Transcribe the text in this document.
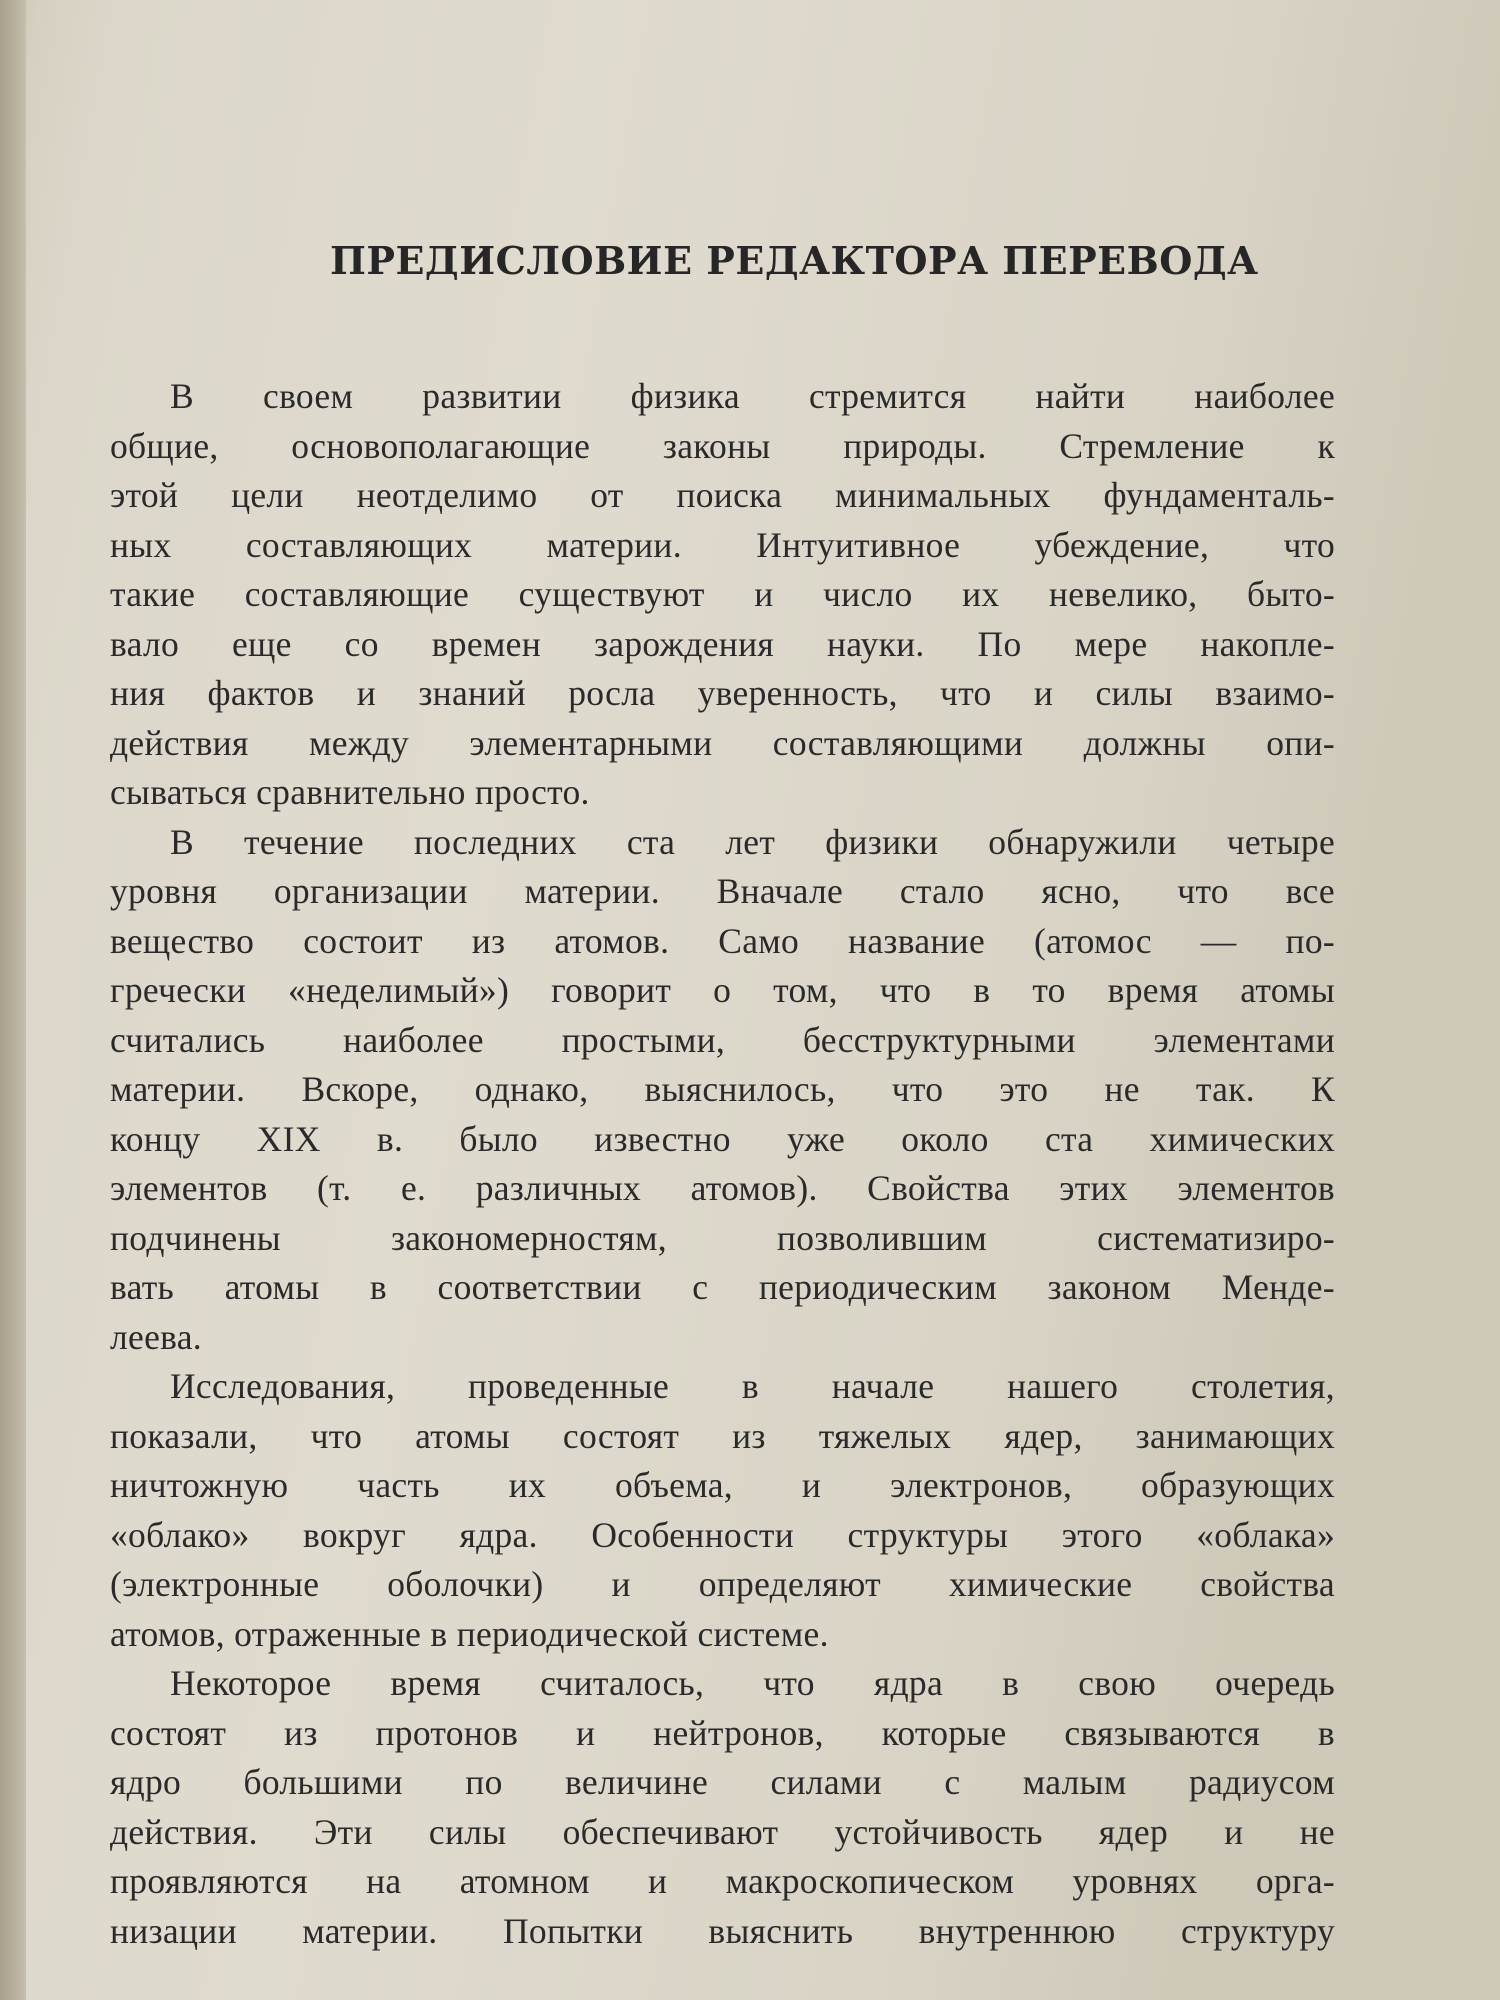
ПРЕДИСЛОВИЕ РЕДАКТОРА ПЕРЕВОДА
В своем развитии физика стремится найти наиболее
общие, основополагающие законы природы. Стремление к
этой цели неотделимо от поиска минимальных фундаменталь-
ных составляющих материи. Интуитивное убеждение, что
такие составляющие существуют и число их невелико, быто-
вало еще со времен зарождения науки. По мере накопле-
ния фактов и знаний росла уверенность, что и силы взаимо-
действия между элементарными составляющими должны опи-
сываться сравнительно просто.
В течение последних ста лет физики обнаружили четыре
уровня организации материи. Вначале стало ясно, что все
вещество состоит из атомов. Само название (атомос — по-
гречески «неделимый») говорит о том, что в то время атомы
считались наиболее простыми, бесструктурными элементами
материи. Вскоре, однако, выяснилось, что это не так. К
концу XIX в. было известно уже около ста химических
элементов (т. е. различных атомов). Свойства этих элементов
подчинены закономерностям, позволившим систематизиро-
вать атомы в соответствии с периодическим законом Менде-
леева.
Исследования, проведенные в начале нашего столетия,
показали, что атомы состоят из тяжелых ядер, занимающих
ничтожную часть их объема, и электронов, образующих
«облако» вокруг ядра. Особенности структуры этого «облака»
(электронные оболочки) и определяют химические свойства
атомов, отраженные в периодической системе.
Некоторое время считалось, что ядра в свою очередь
состоят из протонов и нейтронов, которые связываются в
ядро большими по величине силами с малым радиусом
действия. Эти силы обеспечивают устойчивость ядер и не
проявляются на атомном и макроскопическом уровнях орга-
низации материи. Попытки выяснить внутреннюю структуру
